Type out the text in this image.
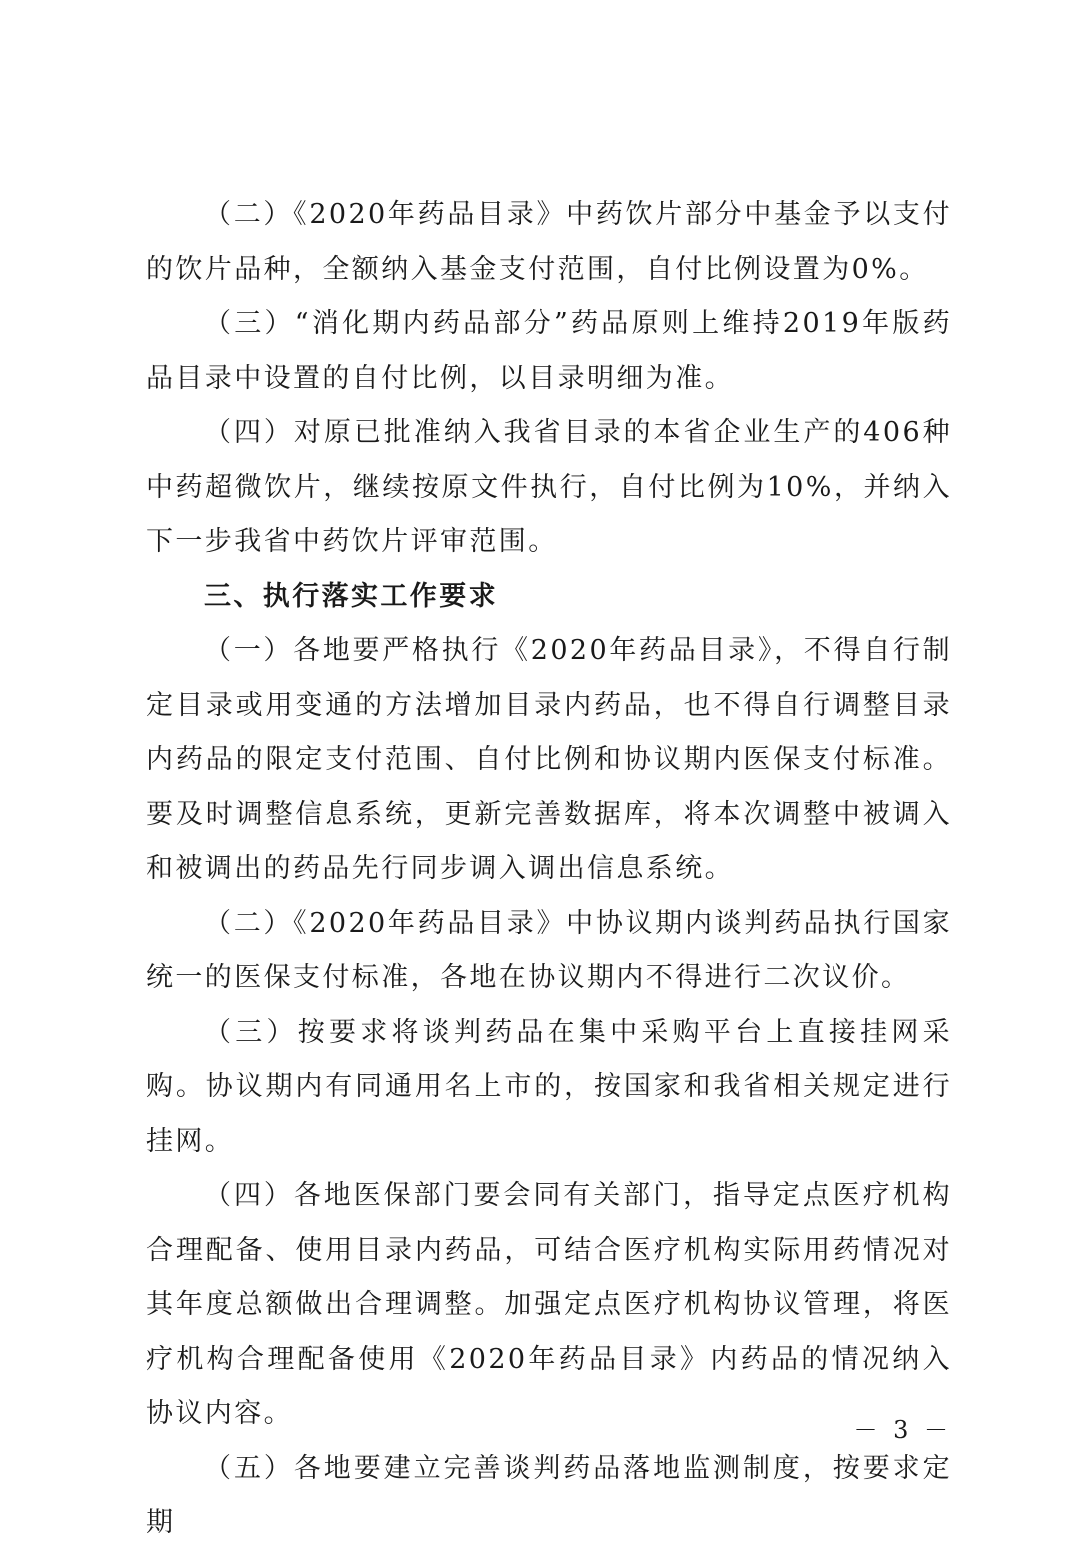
（二）《2020年药品目录》中药饮片部分中基金予以支付的饮片品种，全额纳入基金支付范围，自付比例设置为0%。

（三）“消化期内药品部分”药品原则上维持2019年版药品目录中设置的自付比例，以目录明细为准。

（四）对原已批准纳入我省目录的本省企业生产的406种中药超微饮片，继续按原文件执行，自付比例为10%，并纳入下一步我省中药饮片评审范围。

三、执行落实工作要求

（一）各地要严格执行《2020年药品目录》，不得自行制定目录或用变通的方法增加目录内药品，也不得自行调整目录内药品的限定支付范围、自付比例和协议期内医保支付标准。要及时调整信息系统，更新完善数据库，将本次调整中被调入和被调出的药品先行同步调入调出信息系统。

（二）《2020年药品目录》中协议期内谈判药品执行国家统一的医保支付标准，各地在协议期内不得进行二次议价。

（三）按要求将谈判药品在集中采购平台上直接挂网采购。协议期内有同通用名上市的，按国家和我省相关规定进行挂网。

（四）各地医保部门要会同有关部门，指导定点医疗机构合理配备、使用目录内药品，可结合医疗机构实际用药情况对其年度总额做出合理调整。加强定点医疗机构协议管理，将医疗机构合理配备使用《2020年药品目录》内药品的情况纳入协议内容。

（五）各地要建立完善谈判药品落地监测制度，按要求定期

－ 3 －
